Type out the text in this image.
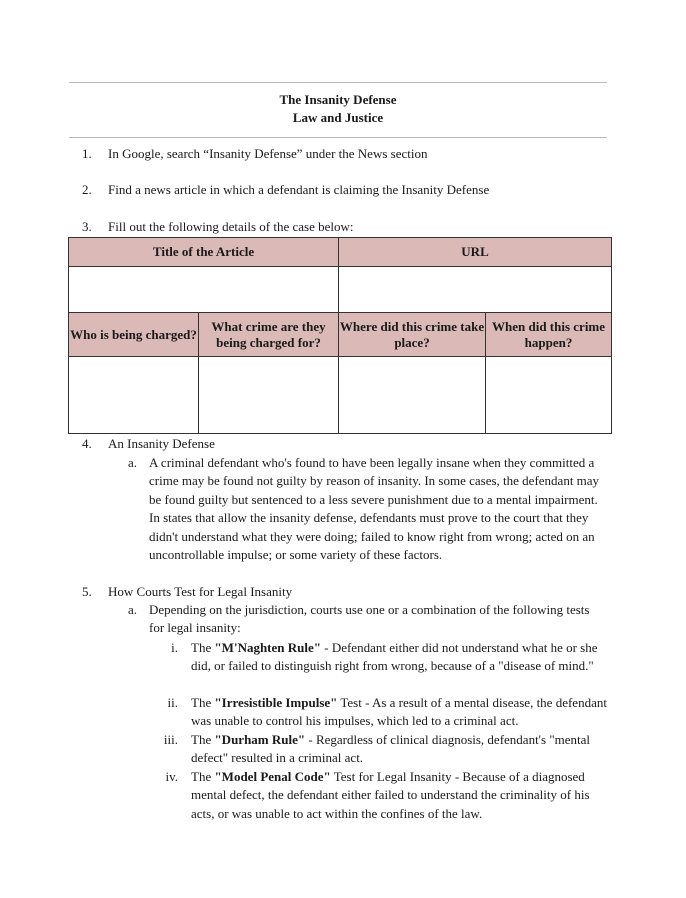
The Insanity Defense
Law and Justice
1. In Google, search “Insanity Defense” under the News section
2. Find a news article in which a defendant is claiming the Insanity Defense
3. Fill out the following details of the case below:
Title of the Article		URL	

Who is being charged?	What crime are they being charged for?	Where did this crime take place?	When did this crime happen?

4. An Insanity Defense
a. A criminal defendant who's found to have been legally insane when they committed a crime may be found not guilty by reason of insanity. In some cases, the defendant may be found guilty but sentenced to a less severe punishment due to a mental impairment. In states that allow the insanity defense, defendants must prove to the court that they didn't understand what they were doing; failed to know right from wrong; acted on an uncontrollable impulse; or some variety of these factors.
5. How Courts Test for Legal Insanity
a. Depending on the jurisdiction, courts use one or a combination of the following tests for legal insanity:
i.	The "M'Naghten Rule" - Defendant either did not understand what he or she did, or failed to distinguish right from wrong, because of a "disease of mind."
ii.	The "Irresistible Impulse" Test - As a result of a mental disease, the defendant was unable to control his impulses, which led to a criminal act.
iii.	The "Durham Rule" - Regardless of clinical diagnosis, defendant's "mental defect" resulted in a criminal act.
iv.	The "Model Penal Code" Test for Legal Insanity - Because of a diagnosed mental defect, the defendant either failed to understand the criminality of his acts, or was unable to act within the confines of the law.
